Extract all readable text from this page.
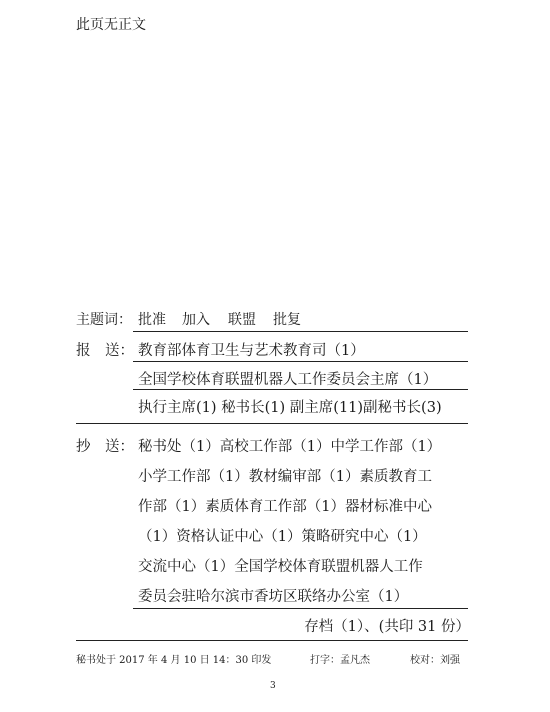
此页无正文
主题词： 批准 加入 联盟 批复
报　送： 教育部体育卫生与艺术教育司（1）
全国学校体育联盟机器人工作委员会主席（1）
执行主席(1) 秘书长(1) 副主席(11)副秘书长(3)
抄　送： 秘书处（1）高校工作部（1）中学工作部（1）
小学工作部（1）教材编审部（1）素质教育工
作部（1）素质体育工作部（1）器材标准中心
（1）资格认证中心（1）策略研究中心（1）
交流中心（1）全国学校体育联盟机器人工作
委员会驻哈尔滨市香坊区联络办公室（1）
存档（1）、(共印 31 份）
秘书处于 2017 年 4 月 10 日 14：30 印发	打字：孟凡杰	校对：刘强
3
